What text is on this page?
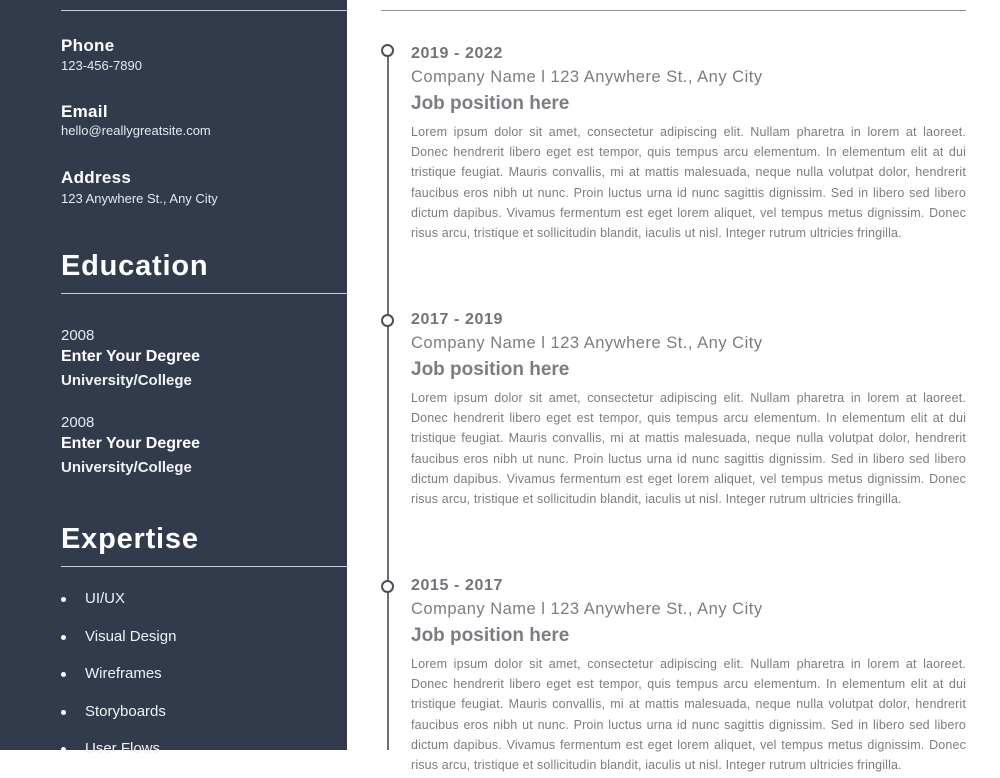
Phone
123-456-7890
Email
hello@reallygreatsite.com
Address
123 Anywhere St., Any City
Education
2008
Enter Your Degree
University/College
2008
Enter Your Degree
University/College
Expertise
UI/UX
Visual Design
Wireframes
Storyboards
User Flows

2019 - 2022

Company Name l 123 Anywhere St., Any City

Job position here

Lorem ipsum dolor sit amet, consectetur adipiscing elit. Nullam pharetra in lorem at laoreet. Donec hendrerit libero eget est tempor, quis tempus arcu elementum. In elementum elit at dui tristique feugiat. Mauris convallis, mi at mattis malesuada, neque nulla volutpat dolor, hendrerit faucibus eros nibh ut nunc. Proin luctus urna id nunc sagittis dignissim. Sed in libero sed libero dictum dapibus. Vivamus fermentum est eget lorem aliquet, vel tempus metus dignissim. Donec risus arcu, tristique et sollicitudin blandit, iaculis ut nisl. Integer rutrum ultricies fringilla.

2017 - 2019

Company Name l 123 Anywhere St., Any City

Job position here

Lorem ipsum dolor sit amet, consectetur adipiscing elit. Nullam pharetra in lorem at laoreet. Donec hendrerit libero eget est tempor, quis tempus arcu elementum. In elementum elit at dui tristique feugiat. Mauris convallis, mi at mattis malesuada, neque nulla volutpat dolor, hendrerit faucibus eros nibh ut nunc. Proin luctus urna id nunc sagittis dignissim. Sed in libero sed libero dictum dapibus. Vivamus fermentum est eget lorem aliquet, vel tempus metus dignissim. Donec risus arcu, tristique et sollicitudin blandit, iaculis ut nisl. Integer rutrum ultricies fringilla.

2015 - 2017

Company Name l 123 Anywhere St., Any City

Job position here

Lorem ipsum dolor sit amet, consectetur adipiscing elit. Nullam pharetra in lorem at laoreet. Donec hendrerit libero eget est tempor, quis tempus arcu elementum. In elementum elit at dui tristique feugiat. Mauris convallis, mi at mattis malesuada, neque nulla volutpat dolor, hendrerit faucibus eros nibh ut nunc. Proin luctus urna id nunc sagittis dignissim. Sed in libero sed libero dictum dapibus. Vivamus fermentum est eget lorem aliquet, vel tempus metus dignissim. Donec risus arcu, tristique et sollicitudin blandit, iaculis ut nisl. Integer rutrum ultricies fringilla.
